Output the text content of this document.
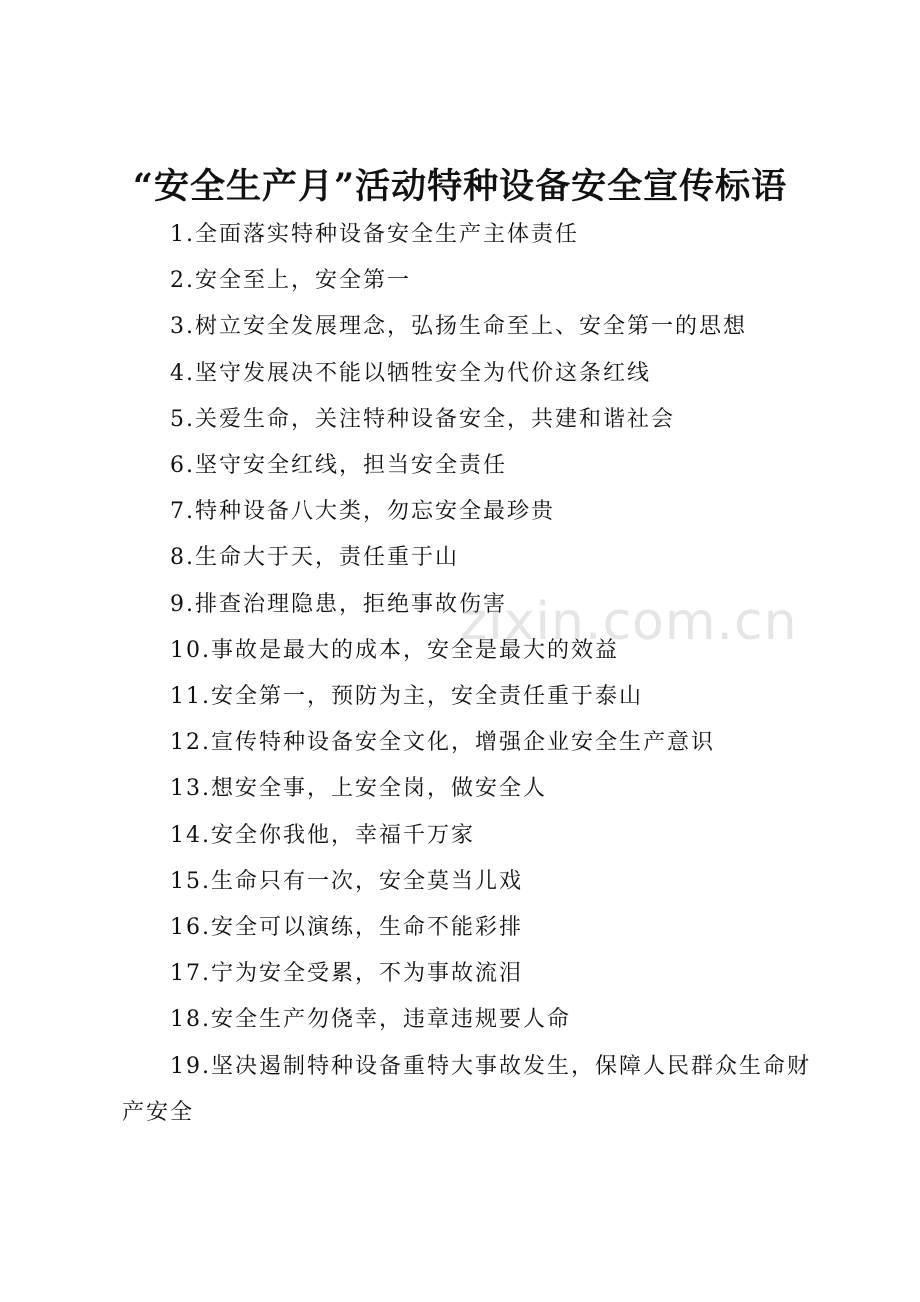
“安全生产月”活动特种设备安全宣传标语
1.全面落实特种设备安全生产主体责任
2.安全至上，安全第一
3.树立安全发展理念，弘扬生命至上、安全第一的思想
4.坚守发展决不能以牺牲安全为代价这条红线
5.关爱生命，关注特种设备安全，共建和谐社会
6.坚守安全红线，担当安全责任
7.特种设备八大类，勿忘安全最珍贵
8.生命大于天，责任重于山
9.排查治理隐患，拒绝事故伤害
10.事故是最大的成本，安全是最大的效益
11.安全第一，预防为主，安全责任重于泰山
12.宣传特种设备安全文化，增强企业安全生产意识
13.想安全事，上安全岗，做安全人
14.安全你我他，幸福千万家
15.生命只有一次，安全莫当儿戏
16.安全可以演练，生命不能彩排
17.宁为安全受累，不为事故流泪
18.安全生产勿侥幸，违章违规要人命
19.坚决遏制特种设备重特大事故发生，保障人民群众生命财产安全
zixin.com.cn
